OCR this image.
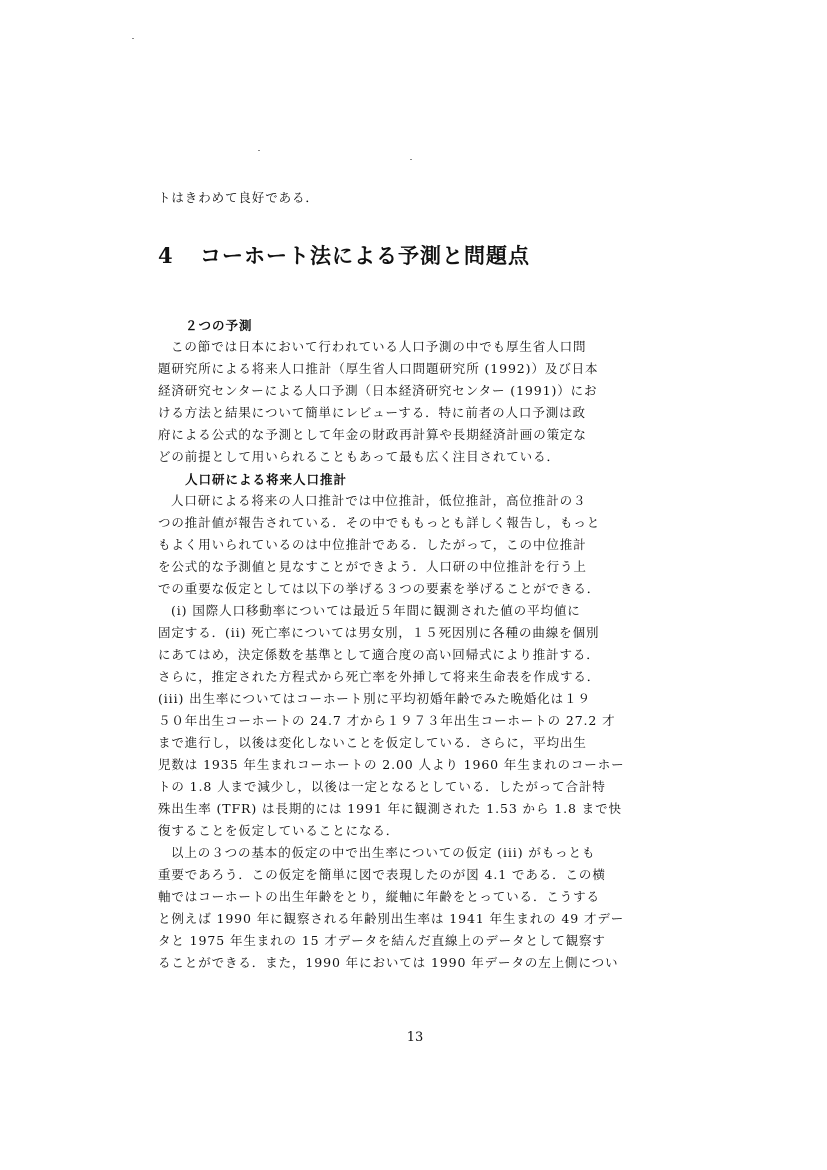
トはきわめて良好である．
4 コーホート法による予測と問題点
２つの予測
この節では日本において行われている人口予測の中でも厚生省人口問
題研究所による将来人口推計（厚生省人口問題研究所 (1992)）及び日本
経済研究センターによる人口予測（日本経済研究センター (1991)）にお
ける方法と結果について簡単にレビューする．特に前者の人口予測は政
府による公式的な予測として年金の財政再計算や長期経済計画の策定な
どの前提として用いられることもあって最も広く注目されている．
人口研による将来人口推計
人口研による将来の人口推計では中位推計，低位推計，高位推計の３
つの推計値が報告されている．その中でももっとも詳しく報告し，もっと
もよく用いられているのは中位推計である．したがって，この中位推計
を公式的な予測値と見なすことができよう．人口研の中位推計を行う上
での重要な仮定としては以下の挙げる３つの要素を挙げることができる．
(i) 国際人口移動率については最近５年間に観測された値の平均値に
固定する．(ii) 死亡率については男女別，１５死因別に各種の曲線を個別
にあてはめ，決定係数を基準として適合度の高い回帰式により推計する．
さらに，推定された方程式から死亡率を外挿して将来生命表を作成する．
(iii) 出生率についてはコーホート別に平均初婚年齢でみた晩婚化は１９
５０年出生コーホートの 24.7 才から１９７３年出生コーホートの 27.2 才
まで進行し，以後は変化しないことを仮定している．さらに，平均出生
児数は 1935 年生まれコーホートの 2.00 人より 1960 年生まれのコーホー
トの 1.8 人まで減少し，以後は一定となるとしている．したがって合計特
殊出生率 (TFR) は長期的には 1991 年に観測された 1.53 から 1.8 まで快
復することを仮定していることになる．
以上の３つの基本的仮定の中で出生率についての仮定 (iii) がもっとも
重要であろう．この仮定を簡単に図で表現したのが図 4.1 である．この横
軸ではコーホートの出生年齢をとり，縦軸に年齢をとっている．こうする
と例えば 1990 年に観察される年齢別出生率は 1941 年生まれの 49 才デー
タと 1975 年生まれの 15 才データを結んだ直線上のデータとして観察す
ることができる．また，1990 年においては 1990 年データの左上側につい
13
